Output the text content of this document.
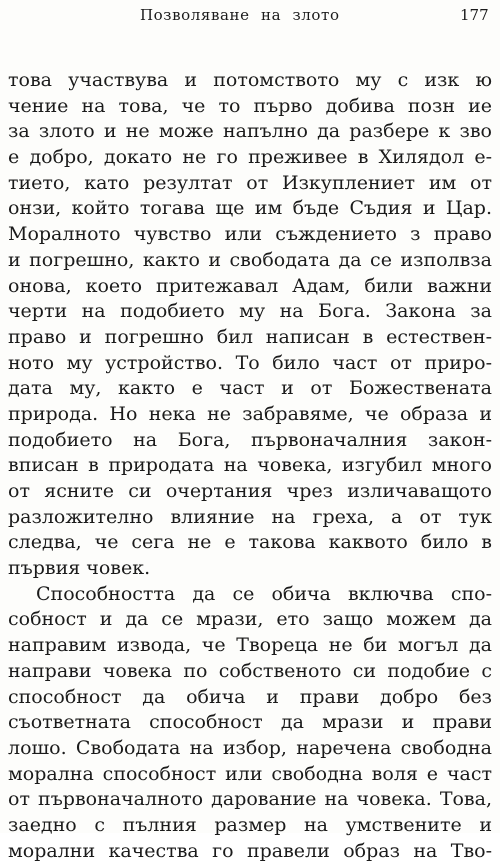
Позволяване на злото	177
това участвува и потомството му с изк ю
чение на това, че то първо добива позн ие
за злото и не може напълно да разбере к зво
е добро, докато не го преживее в Хилядол е-
тието, като резултат от Изкуплениет им от
онзи, който тогава ще им бъде Съдия и Цар.
Моралното чувство или съждението з право
и погрешно, както и свободата да се изполвза
онова, което притежавал Адам, били важни
черти на подобието му на Бога. Закона за
право и погрешно бил написан в естествен-
ното му устройство. То било част от приро-
дата му, както е част и от Божествената
природа. Но нека не забравяме, че образа и
подобието на Бога, първоначалния закон-
вписан в природата на човека, изгубил много
от ясните си очертания чрез изличаващото
разложително влияние на греха, а от тук
следва, че сега не е такова каквото било в
първия човек.
Способността да се обича включва спо-
собност и да се мрази, ето защо можем да
направим извода, че Твореца не би могъл да
направи човека по собственото си подобие с
способност да обича и прави добро без
съответната способност да мрази и прави
лошо. Свободата на избор, наречена свободна
морална способност или свободна воля е част
от първоначалното дарование на човека. Това,
заедно с пълния размер на умствените и
морални качества го правели образ на Тво-
